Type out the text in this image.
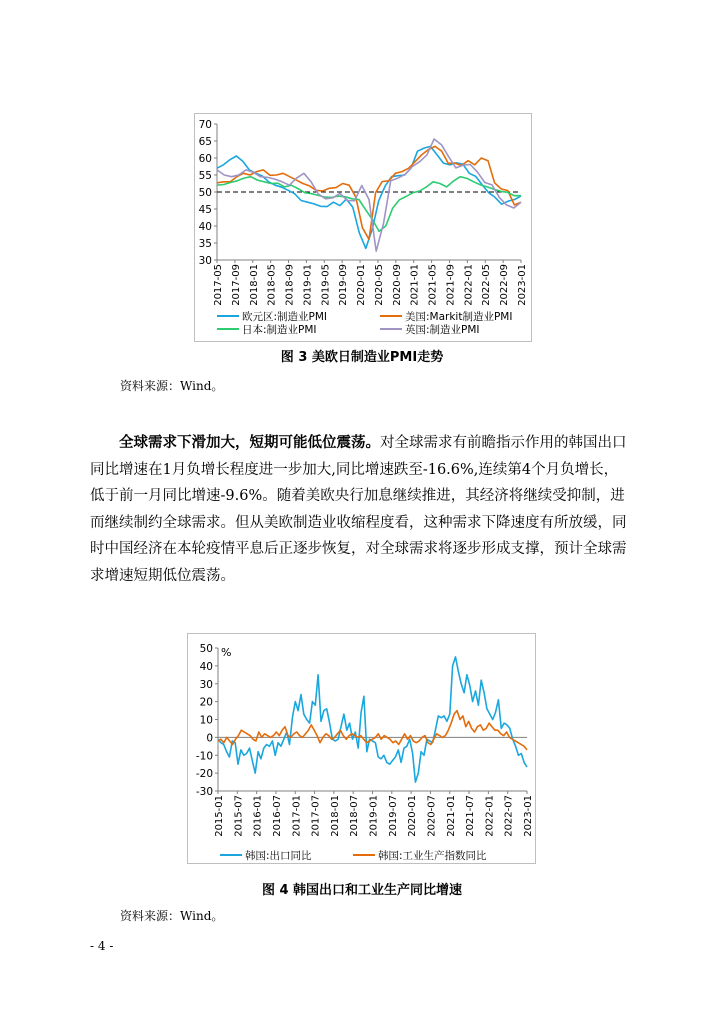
30
35
40
45
50
55
60
65
70
2017-05 2017-09 2018-01 2018-05 2018-09 2019-01 2019-05 2019-09 2020-01 2020-05 2020-09 2021-01 2021-05 2021-09 2022-01 2022-05 2022-09 2023-01
欧元区:制造业PMI	美国:Markit制造业PMI
日本:制造业PMI	英国:制造业PMI
图 3 美欧日制造业PMI走势
资料来源：Wind。
全球需求下滑加大，短期可能低位震荡。对全球需求有前瞻指示作用的韩国出口
同比增速在1月负增长程度进一步加大,同比增速跌至-16.6%,连续第4个月负增长，
低于前一月同比增速-9.6%。随着美欧央行加息继续推进，其经济将继续受抑制，进
而继续制约全球需求。但从美欧制造业收缩程度看，这种需求下降速度有所放缓，同
时中国经济在本轮疫情平息后正逐步恢复，对全球需求将逐步形成支撑，预计全球需
求增速短期低位震荡。
-30
-20
-10
0
10
20
30
40
50
2015-01 2015-07 2016-01 2016-07 2017-01 2017-07 2018-01 2018-07 2019-01 2019-07 2020-01 2020-07 2021-01 2021-07 2022-01 2022-07 2023-01
%
韩国:出口同比	韩国:工业生产指数同比
图 4 韩国出口和工业生产同比增速
资料来源：Wind。
- 4 -
